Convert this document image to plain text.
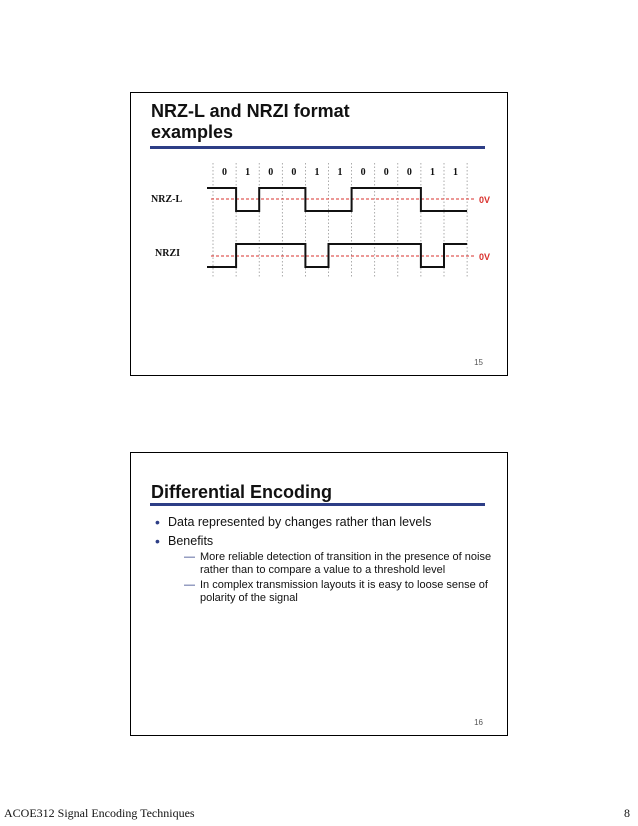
NRZ-L and NRZI format examples
0 1 0 0 1 1 0 0 0 1 1
NRZ-L
NRZI
0V
0V
15
Differential Encoding
• Data represented by changes rather than levels
• Benefits
— More reliable detection of transition in the presence of noise rather than to compare a value to a threshold level
— In complex transmission layouts it is easy to loose sense of polarity of the signal
16
ACOE312 Signal Encoding Techniques	8
